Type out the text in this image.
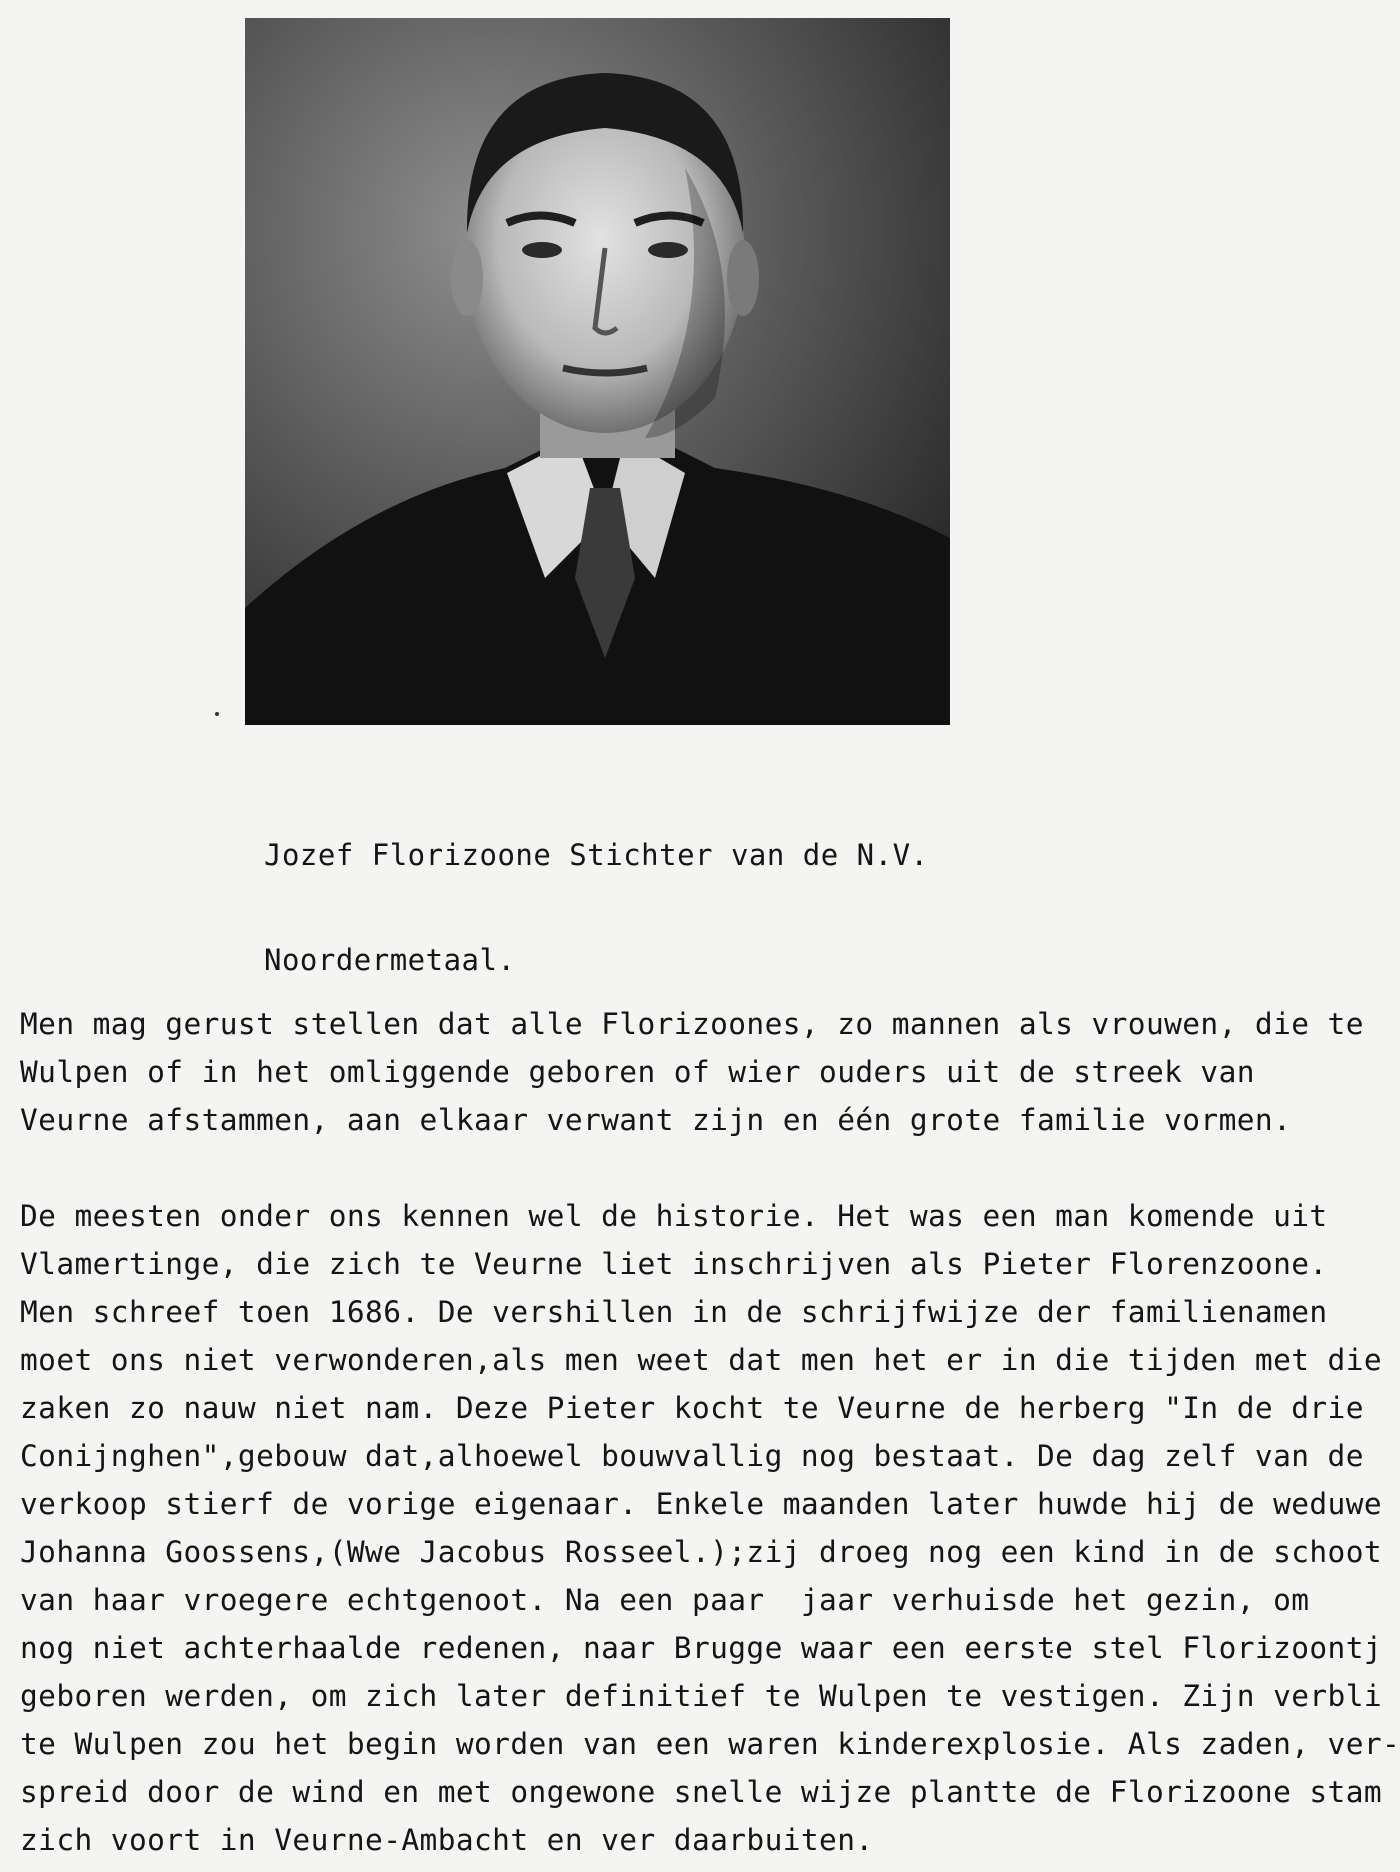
Jozef Florizoone Stichter van de N.V.

Noordermetaal.

Men mag gerust stellen dat alle Florizoones, zo mannen als vrouwen, die te
Wulpen of in het omliggende geboren of wier ouders uit de streek van
Veurne afstammen, aan elkaar verwant zijn en één grote familie vormen.
De meesten onder ons kennen wel de historie. Het was een man komende uit
Vlamertinge, die zich te Veurne liet inschrijven als Pieter Florenzoone.
Men schreef toen 1686. De vershillen in de schrijfwijze der familienamen
moet ons niet verwonderen,als men weet dat men het er in die tijden met die
zaken zo nauw niet nam. Deze Pieter kocht te Veurne de herberg "In de drie
Conijnghen",gebouw dat,alhoewel bouwvallig nog bestaat. De dag zelf van de
verkoop stierf de vorige eigenaar. Enkele maanden later huwde hij de weduwe
Johanna Goossens,(Wwe Jacobus Rosseel.);zij droeg nog een kind in de schoot
van haar vroegere echtgenoot. Na een paar  jaar verhuisde het gezin, om
nog niet achterhaalde redenen, naar Brugge waar een eerste stel Florizoontj
geboren werden, om zich later definitief te Wulpen te vestigen. Zijn verbli
te Wulpen zou het begin worden van een waren kinderexplosie. Als zaden, ver-
spreid door de wind en met ongewone snelle wijze plantte de Florizoone stam
zich voort in Veurne-Ambacht en ver daarbuiten.
